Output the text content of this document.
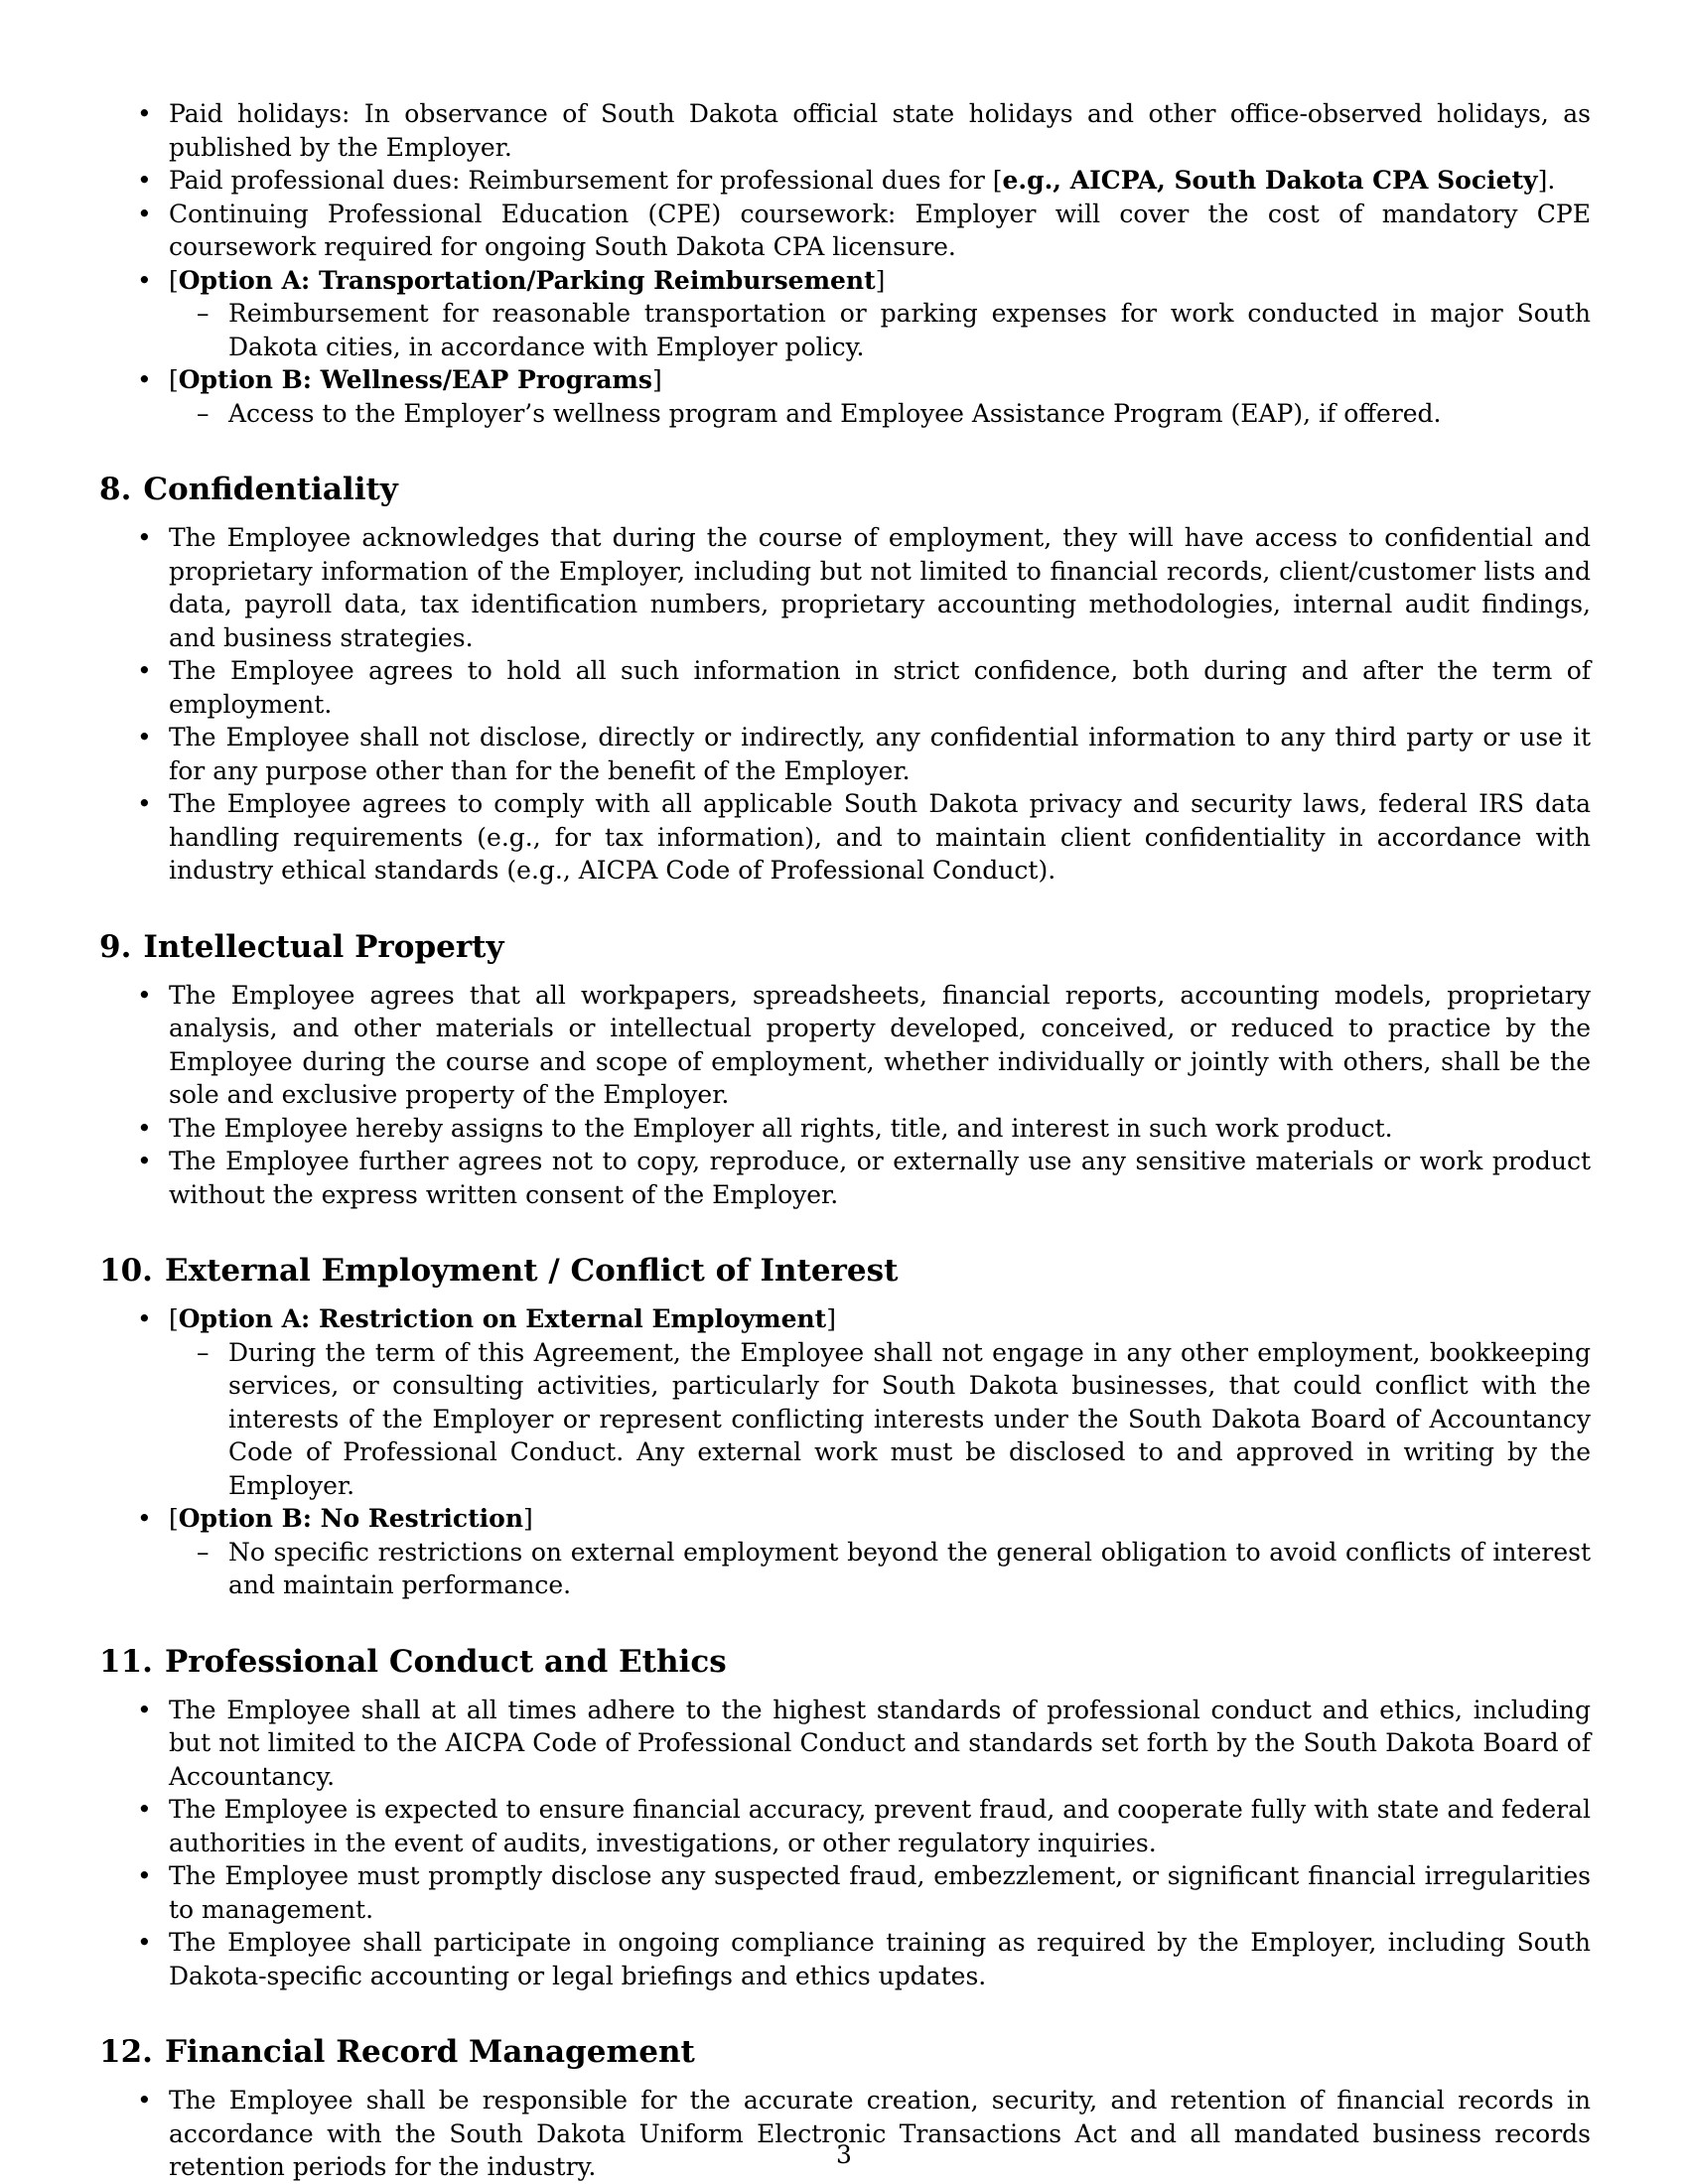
• Paid holidays: In observance of South Dakota official state holidays and other office-observed holidays, as published by the Employer.
• Paid professional dues: Reimbursement for professional dues for [e.g., AICPA, South Dakota CPA Society].
• Continuing Professional Education (CPE) coursework: Employer will cover the cost of mandatory CPE coursework required for ongoing South Dakota CPA licensure.
• [Option A: Transportation/Parking Reimbursement]
– Reimbursement for reasonable transportation or parking expenses for work conducted in major South Dakota cities, in accordance with Employer policy.
• [Option B: Wellness/EAP Programs]
– Access to the Employer’s wellness program and Employee Assistance Program (EAP), if offered.
8. Confidentiality
• The Employee acknowledges that during the course of employment, they will have access to confidential and proprietary information of the Employer, including but not limited to financial records, client/customer lists and data, payroll data, tax identification numbers, proprietary accounting methodologies, internal audit findings, and business strategies.
• The Employee agrees to hold all such information in strict confidence, both during and after the term of employment.
• The Employee shall not disclose, directly or indirectly, any confidential information to any third party or use it for any purpose other than for the benefit of the Employer.
• The Employee agrees to comply with all applicable South Dakota privacy and security laws, federal IRS data handling requirements (e.g., for tax information), and to maintain client confidentiality in accordance with industry ethical standards (e.g., AICPA Code of Professional Conduct).
9. Intellectual Property
• The Employee agrees that all workpapers, spreadsheets, financial reports, accounting models, proprietary analysis, and other materials or intellectual property developed, conceived, or reduced to practice by the Employee during the course and scope of employment, whether individually or jointly with others, shall be the sole and exclusive property of the Employer.
• The Employee hereby assigns to the Employer all rights, title, and interest in such work product.
• The Employee further agrees not to copy, reproduce, or externally use any sensitive materials or work product without the express written consent of the Employer.
10. External Employment / Conflict of Interest
• [Option A: Restriction on External Employment]
– During the term of this Agreement, the Employee shall not engage in any other employment, bookkeeping services, or consulting activities, particularly for South Dakota businesses, that could conflict with the interests of the Employer or represent conflicting interests under the South Dakota Board of Accountancy Code of Professional Conduct. Any external work must be disclosed to and approved in writing by the Employer.
• [Option B: No Restriction]
– No specific restrictions on external employment beyond the general obligation to avoid conflicts of interest and maintain performance.
11. Professional Conduct and Ethics
• The Employee shall at all times adhere to the highest standards of professional conduct and ethics, including but not limited to the AICPA Code of Professional Conduct and standards set forth by the South Dakota Board of Accountancy.
• The Employee is expected to ensure financial accuracy, prevent fraud, and cooperate fully with state and federal authorities in the event of audits, investigations, or other regulatory inquiries.
• The Employee must promptly disclose any suspected fraud, embezzlement, or significant financial irregularities to management.
• The Employee shall participate in ongoing compliance training as required by the Employer, including South Dakota-specific accounting or legal briefings and ethics updates.
12. Financial Record Management
• The Employee shall be responsible for the accurate creation, security, and retention of financial records in accordance with the South Dakota Uniform Electronic Transactions Act and all mandated business records retention periods for the industry.	3
